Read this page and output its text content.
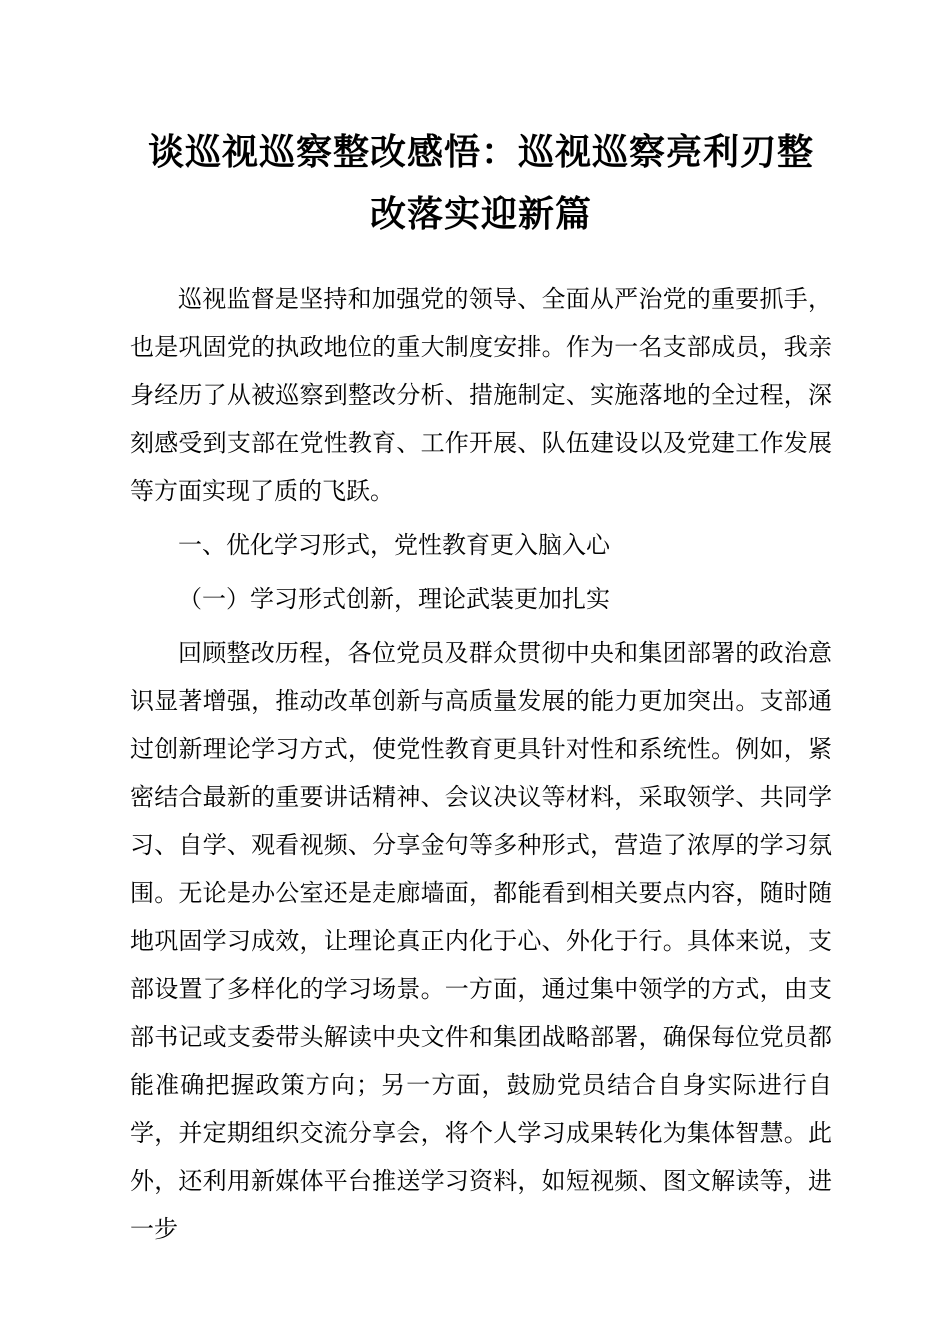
谈巡视巡察整改感悟：巡视巡察亮利刃整改落实迎新篇

巡视监督是坚持和加强党的领导、全面从严治党的重要抓手，也是巩固党的执政地位的重大制度安排。作为一名支部成员，我亲身经历了从被巡察到整改分析、措施制定、实施落地的全过程，深刻感受到支部在党性教育、工作开展、队伍建设以及党建工作发展等方面实现了质的飞跃。

一、优化学习形式，党性教育更入脑入心

（一）学习形式创新，理论武装更加扎实

回顾整改历程，各位党员及群众贯彻中央和集团部署的政治意识显著增强，推动改革创新与高质量发展的能力更加突出。支部通过创新理论学习方式，使党性教育更具针对性和系统性。例如，紧密结合最新的重要讲话精神、会议决议等材料，采取领学、共同学习、自学、观看视频、分享金句等多种形式，营造了浓厚的学习氛围。无论是办公室还是走廊墙面，都能看到相关要点内容，随时随地巩固学习成效，让理论真正内化于心、外化于行。具体来说，支部设置了多样化的学习场景。一方面，通过集中领学的方式，由支部书记或支委带头解读中央文件和集团战略部署，确保每位党员都能准确把握政策方向；另一方面，鼓励党员结合自身实际进行自学，并定期组织交流分享会，将个人学习成果转化为集体智慧。此外，还利用新媒体平台推送学习资料，如短视频、图文解读等，进一步
